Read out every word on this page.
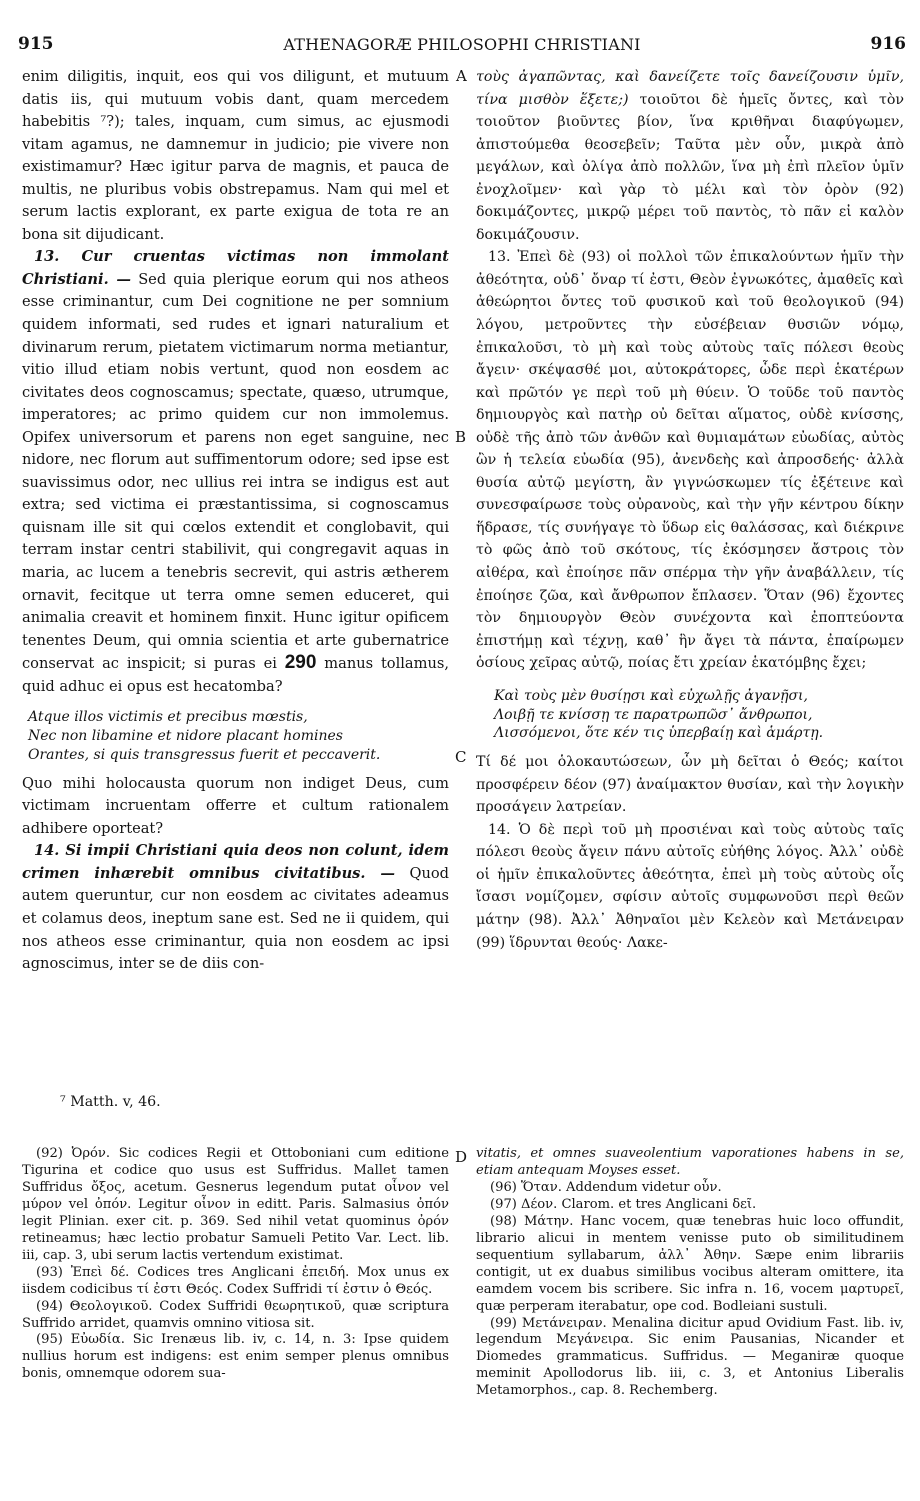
915	ATHENAGORÆ PHILOSOPHI CHRISTIANI	916
A
B
C
D

enim diligitis, inquit, eos qui vos diligunt, et mutuum datis iis, qui mutuum vobis dant, quam mercedem habebitis ⁷?); tales, inquam, cum simus, ac ejusmodi vitam agamus, ne damnemur in judicio; pie vivere non existimamur? Hæc igitur parva de magnis, et pauca de multis, ne pluribus vobis obstrepamus. Nam qui mel et serum lactis explorant, ex parte exigua de tota re an bona sit dijudicant.

13. Cur cruentas victimas non immolant Christiani. — Sed quia plerique eorum qui nos atheos esse criminantur, cum Dei cognitione ne per somnium quidem informati, sed rudes et ignari naturalium et divinarum rerum, pietatem victimarum norma metiantur, vitio illud etiam nobis vertunt, quod non eosdem ac civitates deos cognoscamus; spectate, quæso, utrumque, imperatores; ac primo quidem cur non immolemus. Opifex universorum et parens non eget sanguine, nec nidore, nec florum aut suffimentorum odore; sed ipse est suavissimus odor, nec ullius rei intra se indigus est aut extra; sed victima ei præstantissima, si cognoscamus quisnam ille sit qui cœlos extendit et conglobavit, qui terram instar centri stabilivit, qui congregavit aquas in maria, ac lucem a tenebris secrevit, qui astris ætherem ornavit, fecitque ut terra omne semen educeret, qui animalia creavit et hominem finxit. Hunc igitur opificem tenentes Deum, qui omnia scientia et arte gubernatrice conservat ac inspicit; si puras ei 290 manus tollamus, quid adhuc ei opus est hecatomba?

Atque illos victimis et precibus mœstis,
Nec non libamine et nidore placant homines
Orantes, si quis transgressus fuerit et peccaverit.

Quo mihi holocausta quorum non indiget Deus, cum victimam incruentam offerre et cultum rationalem adhibere oporteat?

14. Si impii Christiani quia deos non colunt, idem crimen inhærebit omnibus civitatibus. — Quod autem queruntur, cur non eosdem ac civitates adeamus et colamus deos, ineptum sane est. Sed ne ii quidem, qui nos atheos esse criminantur, quia non eosdem ac ipsi agnoscimus, inter se de diis con-

τοὺς ἀγαπῶντας, καὶ δανείζετε τοῖς δανείζουσιν ὑμῖν, τίνα μισθὸν ἕξετε;) τοιοῦτοι δὲ ἡμεῖς ὄντες, καὶ τὸν τοιοῦτον βιοῦντες βίον, ἵνα κριθῆναι διαφύγωμεν, ἀπιστούμεθα θεοσεβεῖν; Ταῦτα μὲν οὖν, μικρὰ ἀπὸ μεγάλων, καὶ ὀλίγα ἀπὸ πολλῶν, ἵνα μὴ ἐπὶ πλεῖον ὑμῖν ἐνοχλοῖμεν· καὶ γὰρ τὸ μέλι καὶ τὸν ὀρὸν (92) δοκιμάζοντες, μικρῷ μέρει τοῦ παντὸς, τὸ πᾶν εἰ καλὸν δοκιμάζουσιν.

13. Ἐπεὶ δὲ (93) οἱ πολλοὶ τῶν ἐπικαλούντων ἡμῖν τὴν ἀθεότητα, οὐδ᾽ ὄναρ τί ἐστι, Θεὸν ἐγνωκότες, ἀμαθεῖς καὶ ἀθεώρητοι ὄντες τοῦ φυσικοῦ καὶ τοῦ θεολογικοῦ (94) λόγου, μετροῦντες τὴν εὐσέβειαν θυσιῶν νόμῳ, ἐπικαλοῦσι, τὸ μὴ καὶ τοὺς αὐτοὺς ταῖς πόλεσι θεοὺς ἄγειν· σκέψασθέ μοι, αὐτοκράτορες, ὧδε περὶ ἑκατέρων καὶ πρῶτόν γε περὶ τοῦ μὴ θύειν. Ὁ τοῦδε τοῦ παντὸς δημιουργὸς καὶ πατὴρ οὐ δεῖται αἵματος, οὐδὲ κνίσσης, οὐδὲ τῆς ἀπὸ τῶν ἀνθῶν καὶ θυμιαμάτων εὐωδίας, αὐτὸς ὢν ἡ τελεία εὐωδία (95), ἀνενδεὴς καὶ ἀπροσδεής· ἀλλὰ θυσία αὐτῷ μεγίστη, ἂν γιγνώσκωμεν τίς ἐξέτεινε καὶ συνεσφαίρωσε τοὺς οὐρανοὺς, καὶ τὴν γῆν κέντρου δίκην ἥδρασε, τίς συνήγαγε τὸ ὕδωρ εἰς θαλάσσας, καὶ διέκρινε τὸ φῶς ἀπὸ τοῦ σκότους, τίς ἐκόσμησεν ἄστροις τὸν αἰθέρα, καὶ ἐποίησε πᾶν σπέρμα τὴν γῆν ἀναβάλλειν, τίς ἐποίησε ζῶα, καὶ ἄνθρωπον ἔπλασεν. Ὅταν (96) ἔχοντες τὸν δημιουργὸν Θεὸν συνέχοντα καὶ ἐποπτεύοντα ἐπιστήμῃ καὶ τέχνῃ, καθ᾽ ἣν ἄγει τὰ πάντα, ἐπαίρωμεν ὁσίους χεῖρας αὐτῷ, ποίας ἔτι χρείαν ἑκατόμβης ἔχει;

Καὶ τοὺς μὲν θυσίῃσι καὶ εὐχωλῇς ἀγανῇσι,
Λοιβῇ τε κνίσσῃ τε παρατρωπῶσ᾽ ἄνθρωποι,
Λισσόμενοι, ὅτε κέν τις ὑπερβαίῃ καὶ ἁμάρτῃ.

Τί δέ μοι ὁλοκαυτώσεων, ὧν μὴ δεῖται ὁ Θεός; καίτοι προσφέρειν δέον (97) ἀναίμακτον θυσίαν, καὶ τὴν λογικὴν προσάγειν λατρείαν.

14. Ὁ δὲ περὶ τοῦ μὴ προσιέναι καὶ τοὺς αὐτοὺς ταῖς πόλεσι θεοὺς ἄγειν πάνυ αὐτοῖς εὐήθης λόγος. Ἀλλ᾽ οὐδὲ οἱ ἡμῖν ἐπικαλοῦντες ἀθεότητα, ἐπεὶ μὴ τοὺς αὐτοὺς οἷς ἴσασι νομίζομεν, σφίσιν αὐτοῖς συμφωνοῦσι περὶ θεῶν μάτην (98). Ἀλλ᾽ Ἀθηναῖοι μὲν Κελεὸν καὶ Μετάνειραν (99) ἵδρυνται θεούς· Λακε-

⁷ Matth. v, 46.

(92) Ὀρόν. Sic codices Regii et Ottoboniani cum editione Tigurina et codice quo usus est Suffridus. Mallet tamen Suffridus ὄξος, acetum. Gesnerus legendum putat οἶνον vel μύρον vel ὀπόν. Legitur οἶνον in editt. Paris. Salmasius ὀπόν legit Plinian. exer cit. p. 369. Sed nihil vetat quominus ὀρόν retineamus; hæc lectio probatur Samueli Petito Var. Lect. lib. iii, cap. 3, ubi serum lactis vertendum existimat.

(93) Ἐπεὶ δέ. Codices tres Anglicani ἐπειδή. Mox unus ex iisdem codicibus τί ἐστι Θεός. Codex Suffridi τί ἐστιν ὁ Θεός.

(94) Θεολογικοῦ. Codex Suffridi θεωρητικοῦ, quæ scriptura Suffrido arridet, quamvis omnino vitiosa sit.

(95) Εὐωδία. Sic Irenæus lib. iv, c. 14, n. 3: Ipse quidem nullius horum est indigens: est enim semper plenus omnibus bonis, omnemque odorem sua-

vitatis, et omnes suaveolentium vaporationes habens in se, etiam antequam Moyses esset.

(96) Ὅταν. Addendum videtur οὖν.

(97) Δέον. Clarom. et tres Anglicani δεῖ.

(98) Μάτην. Hanc vocem, quæ tenebras huic loco offundit, librario alicui in mentem venisse puto ob similitudinem sequentium syllabarum, ἀλλ᾽ Ἀθην. Sæpe enim librariis contigit, ut ex duabus similibus vocibus alteram omittere, ita eamdem vocem bis scribere. Sic infra n. 16, vocem μαρτυρεῖ, quæ perperam iterabatur, ope cod. Bodleiani sustuli.

(99) Μετάνειραν. Menalina dicitur apud Ovidium Fast. lib. iv, legendum Μεγάνειρα. Sic enim Pausanias, Nicander et Diomedes grammaticus. Suffridus. — Meganiræ quoque meminit Apollodorus lib. iii, c. 3, et Antonius Liberalis Metamorphos., cap. 8. Rechemberg.
